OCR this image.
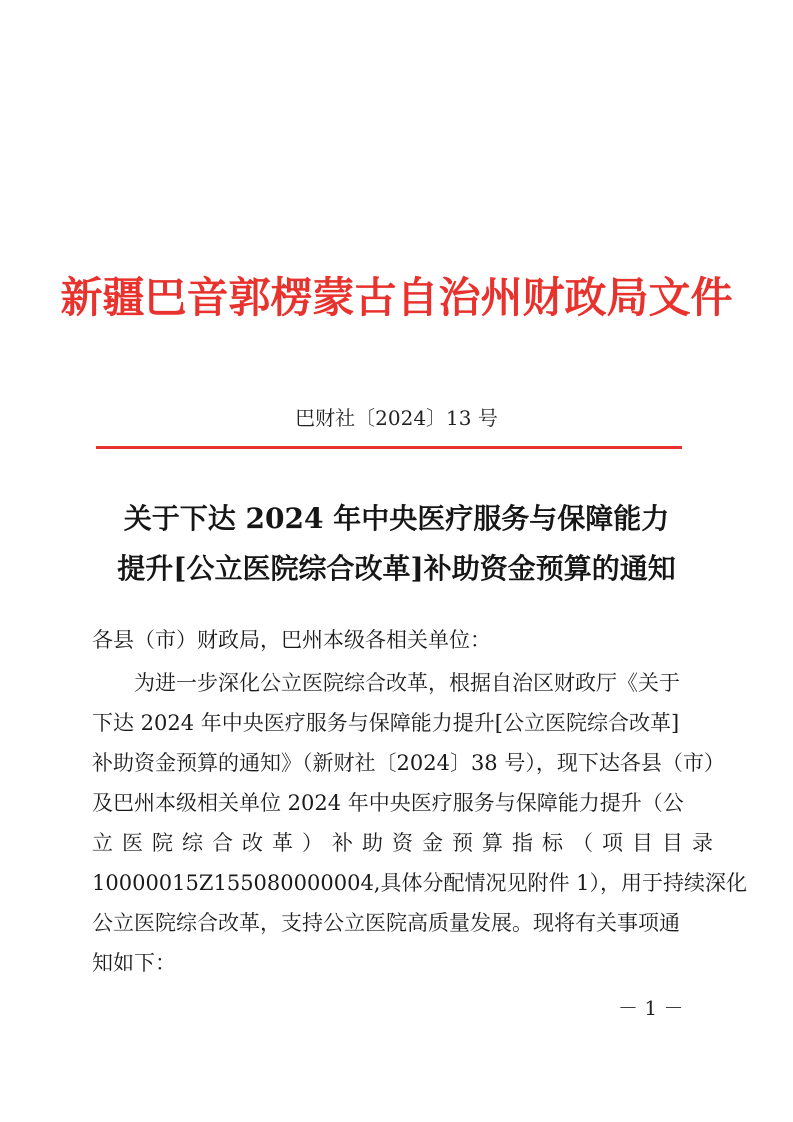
新疆巴音郭楞蒙古自治州财政局文件
巴财社〔2024〕13 号
关于下达 2024 年中央医疗服务与保障能力
提升[公立医院综合改革]补助资金预算的通知
各县（市）财政局，巴州本级各相关单位：
为进一步深化公立医院综合改革，根据自治区财政厅《关于
下达 2024 年中央医疗服务与保障能力提升[公立医院综合改革]
补助资金预算的通知》（新财社〔2024〕38 号），现下达各县（市）
及巴州本级相关单位 2024 年中央医疗服务与保障能力提升（公
立医院综合改革）补助资金预算指标（项目目录
10000015Z155080000004,具体分配情况见附件 1），用于持续深化
公立医院综合改革，支持公立医院高质量发展。现将有关事项通
知如下：
－ 1 －
